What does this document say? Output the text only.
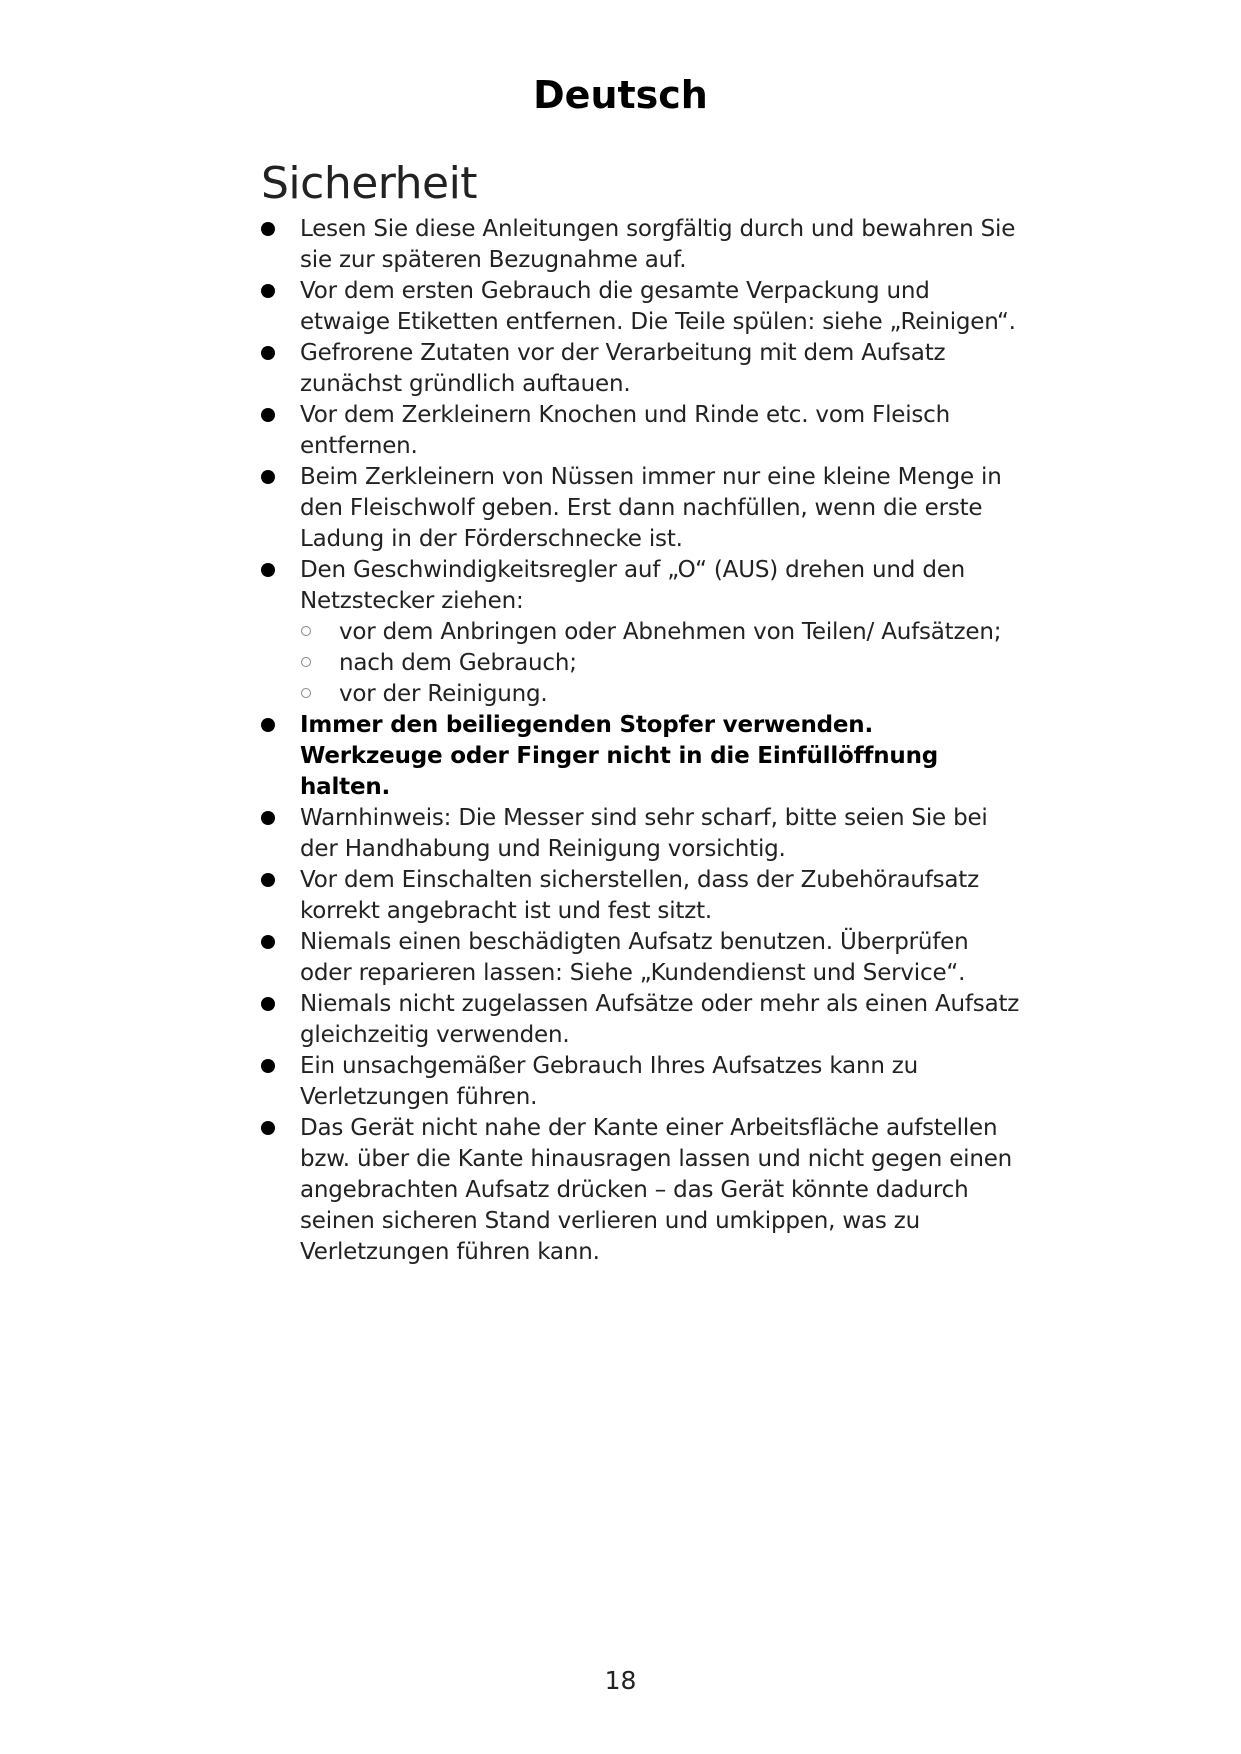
Deutsch
Sicherheit
Lesen Sie diese Anleitungen sorgfältig durch und bewahren Sie sie zur späteren Bezugnahme auf.
Vor dem ersten Gebrauch die gesamte Verpackung und etwaige Etiketten entfernen. Die Teile spülen: siehe „Reinigen“.
Gefrorene Zutaten vor der Verarbeitung mit dem Aufsatz zunächst gründlich auftauen.
Vor dem Zerkleinern Knochen und Rinde etc. vom Fleisch entfernen.
Beim Zerkleinern von Nüssen immer nur eine kleine Menge in den Fleischwolf geben. Erst dann nachfüllen, wenn die erste Ladung in der Förderschnecke ist.
Den Geschwindigkeitsregler auf „O“ (AUS) drehen und den Netzstecker ziehen:
vor dem Anbringen oder Abnehmen von Teilen/ Aufsätzen;
nach dem Gebrauch;
vor der Reinigung.
Immer den beiliegenden Stopfer verwenden. Werkzeuge oder Finger nicht in die Einfüllöffnung halten.
Warnhinweis: Die Messer sind sehr scharf, bitte seien Sie bei der Handhabung und Reinigung vorsichtig.
Vor dem Einschalten sicherstellen, dass der Zubehöraufsatz korrekt angebracht ist und fest sitzt.
Niemals einen beschädigten Aufsatz benutzen. Überprüfen oder reparieren lassen: Siehe „Kundendienst und Service“.
Niemals nicht zugelassen Aufsätze oder mehr als einen Aufsatz gleichzeitig verwenden.
Ein unsachgemäßer Gebrauch Ihres Aufsatzes kann zu Verletzungen führen.
Das Gerät nicht nahe der Kante einer Arbeitsfläche aufstellen bzw. über die Kante hinausragen lassen und nicht gegen einen angebrachten Aufsatz drücken – das Gerät könnte dadurch seinen sicheren Stand verlieren und umkippen, was zu Verletzungen führen kann.
18
